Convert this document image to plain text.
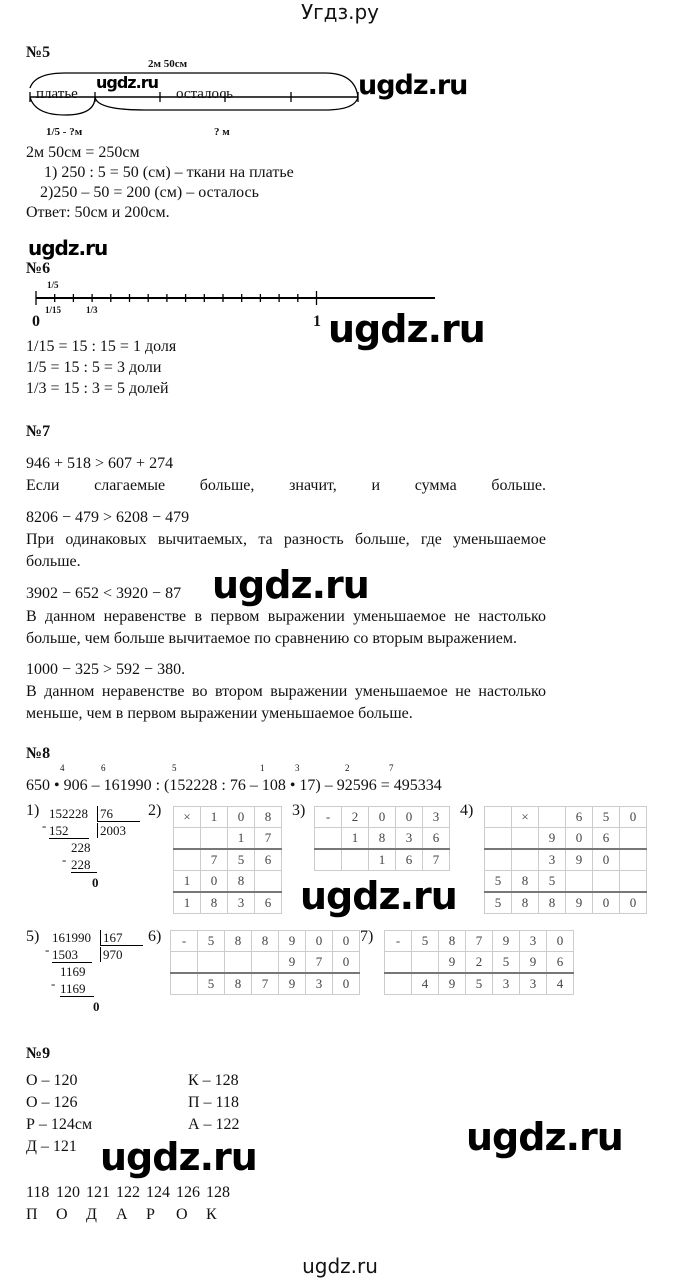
Угдз.ру
№5
2м 50см
платье	осталось
1/5 - ?м	? м
ugdz.ru	ugdz.ru
2м 50см = 250см
1) 250 : 5 = 50 (см) – ткани на платье
2)250 – 50 = 200 (см) – осталось
Ответ: 50см и 200см.
ugdz.ru
№6
1/5
1/15	1/3
0	1 ugdz.ru
1/15 = 15 : 15 = 1 доля
1/5 = 15 : 5 = 3 доли
1/3 = 15 : 3 = 5 долей
№7
946 + 518 > 607 + 274
Если слагаемые больше, значит, и сумма больше.
8206 − 479 > 6208 − 479
При одинаковых вычитаемых, та разность больше, где уменьшаемое
больше.
3902 − 652 < 3920 − 87 ugdz.ru
В данном неравенстве в первом выражении уменьшаемое не настолько
больше, чем больше вычитаемое по сравнению со вторым выражением.
1000 − 325 > 592 − 380.
В данном неравенстве во втором выражении уменьшаемое не настолько
меньше, чем в первом выражении уменьшаемое больше.
№8
4	6	5	1	3	2	7
650 • 906 – 161990 : (152228 : 76 – 108 • 17) – 92596 = 495334
1) 152228 76
2003
- 152
228
- 228
0
2) ×	1	0	8
		1	7
	7	5	6
1	0	8	
1	8	3	6
3) -	2	0	0	3
	1	8	3	6
		1	6	7
4)
		×		6	5	0
		9	0	6	
		3	9	0	
5	8	5			
5	8	8	9	0	0
ugdz.ru
5) 161990 167
970
- 1503
1169
- 1169
0
6) -	5	8	8	9	0	0
				9	7	0
	5	8	7	9	3	0
7) -	5	8	7	9	3	0
		9	2	5	9	6
	4	9	5	3	3	4
№9
О – 120
О – 126
Р – 124см
Д – 121
К – 128
П – 118
А – 122
ugdz.ru	ugdz.ru
118 120 121 122 124 126 128
П О Д А Р О К
ugdz.ru
